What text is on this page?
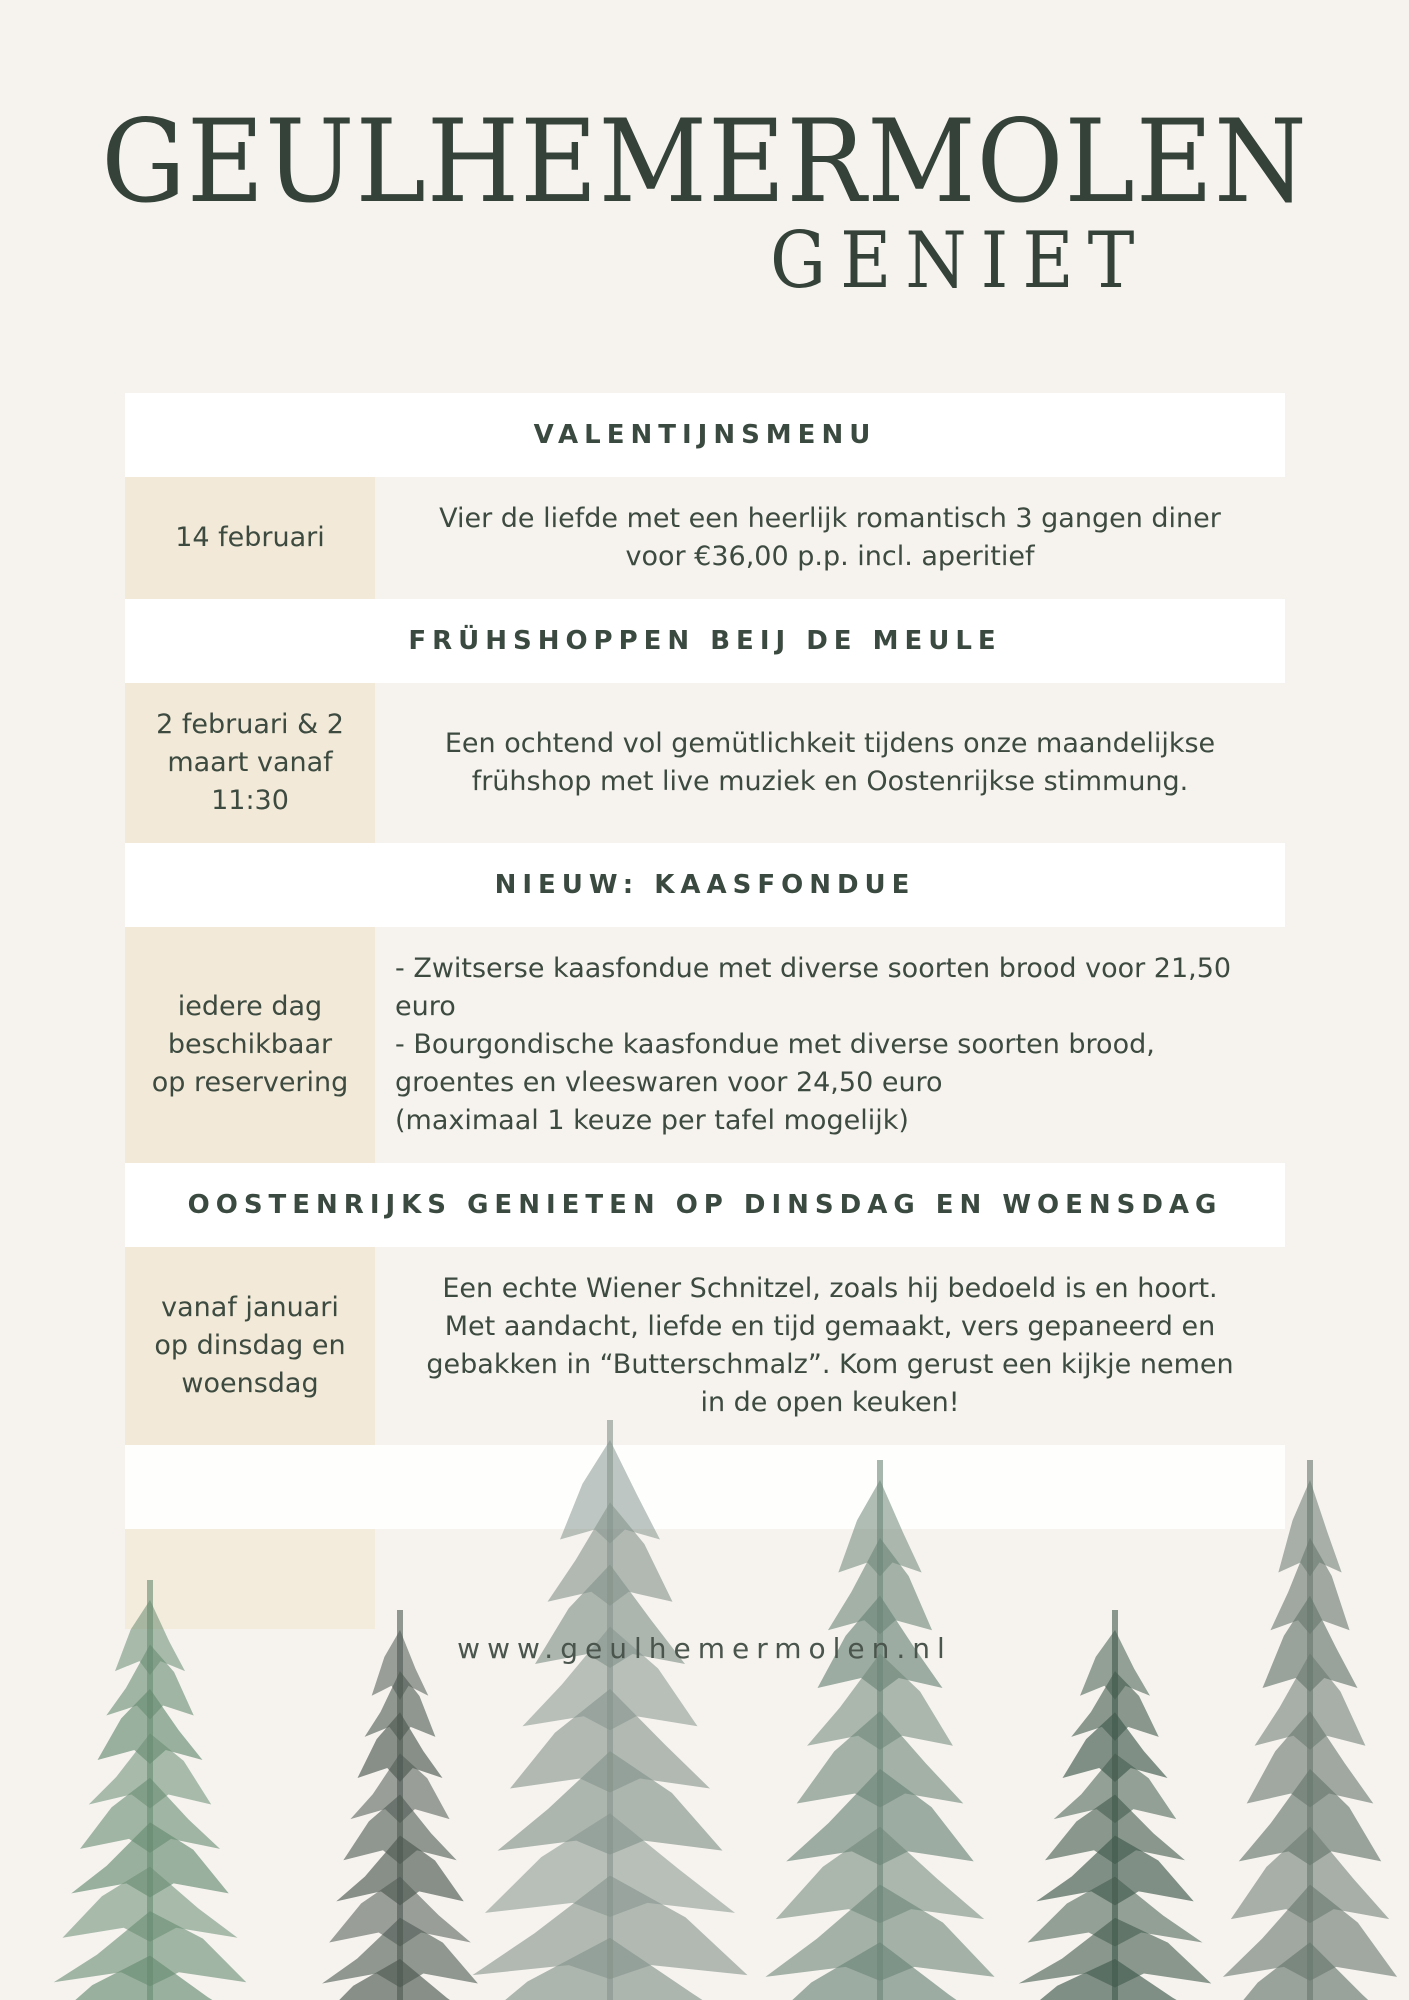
GEULHEMERMOLEN
GENIET
VALENTIJNSMENU
14 februari
Vier de liefde met een heerlijk romantisch 3 gangen diner
voor €36,00 p.p. incl. aperitief
FRÜHSHOPPEN BEIJ DE MEULE
2 februari & 2
maart vanaf
11:30
Een ochtend vol gemütlichkeit tijdens onze maandelijkse
frühshop met live muziek en Oostenrijkse stimmung.
NIEUW: KAASFONDUE
iedere dag
beschikbaar
op reservering
- Zwitserse kaasfondue met diverse soorten brood voor 21,50
euro
- Bourgondische kaasfondue met diverse soorten brood,
groentes en vleeswaren voor 24,50 euro
(maximaal 1 keuze per tafel mogelijk)
OOSTENRIJKS GENIETEN OP DINSDAG EN WOENSDAG
vanaf januari
op dinsdag en
woensdag
Een echte Wiener Schnitzel, zoals hij bedoeld is en hoort.
Met aandacht, liefde en tijd gemaakt, vers gepaneerd en
gebakken in “Butterschmalz”. Kom gerust een kijkje nemen
in de open keuken!
www.geulhemermolen.nl
